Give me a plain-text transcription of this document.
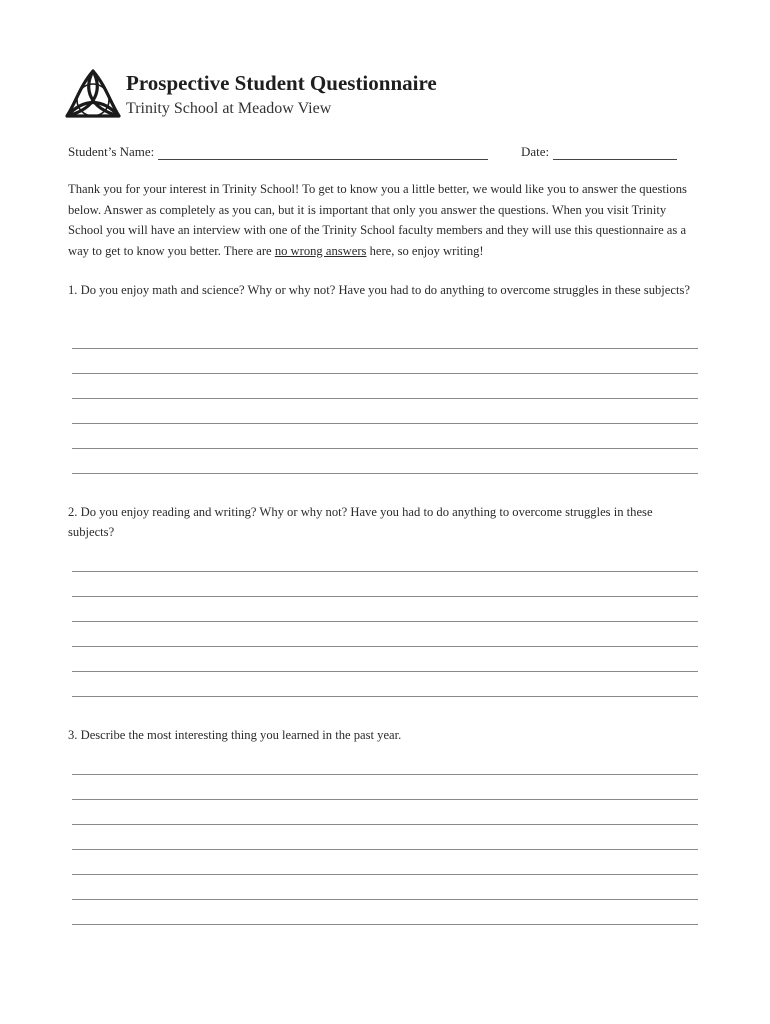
Prospective Student Questionnaire
Trinity School at Meadow View
Student’s Name:	Date:
Thank you for your interest in Trinity School! To get to know you a little better, we would like you to answer the questions below. Answer as completely as you can, but it is important that only you answer the questions. When you visit Trinity School you will have an interview with one of the Trinity School faculty members and they will use this questionnaire as a way to get to know you better. There are no wrong answers here, so enjoy writing!
1. Do you enjoy math and science? Why or why not? Have you had to do anything to overcome struggles in these subjects?
2. Do you enjoy reading and writing? Why or why not? Have you had to do anything to overcome struggles in these subjects?
3. Describe the most interesting thing you learned in the past year.
